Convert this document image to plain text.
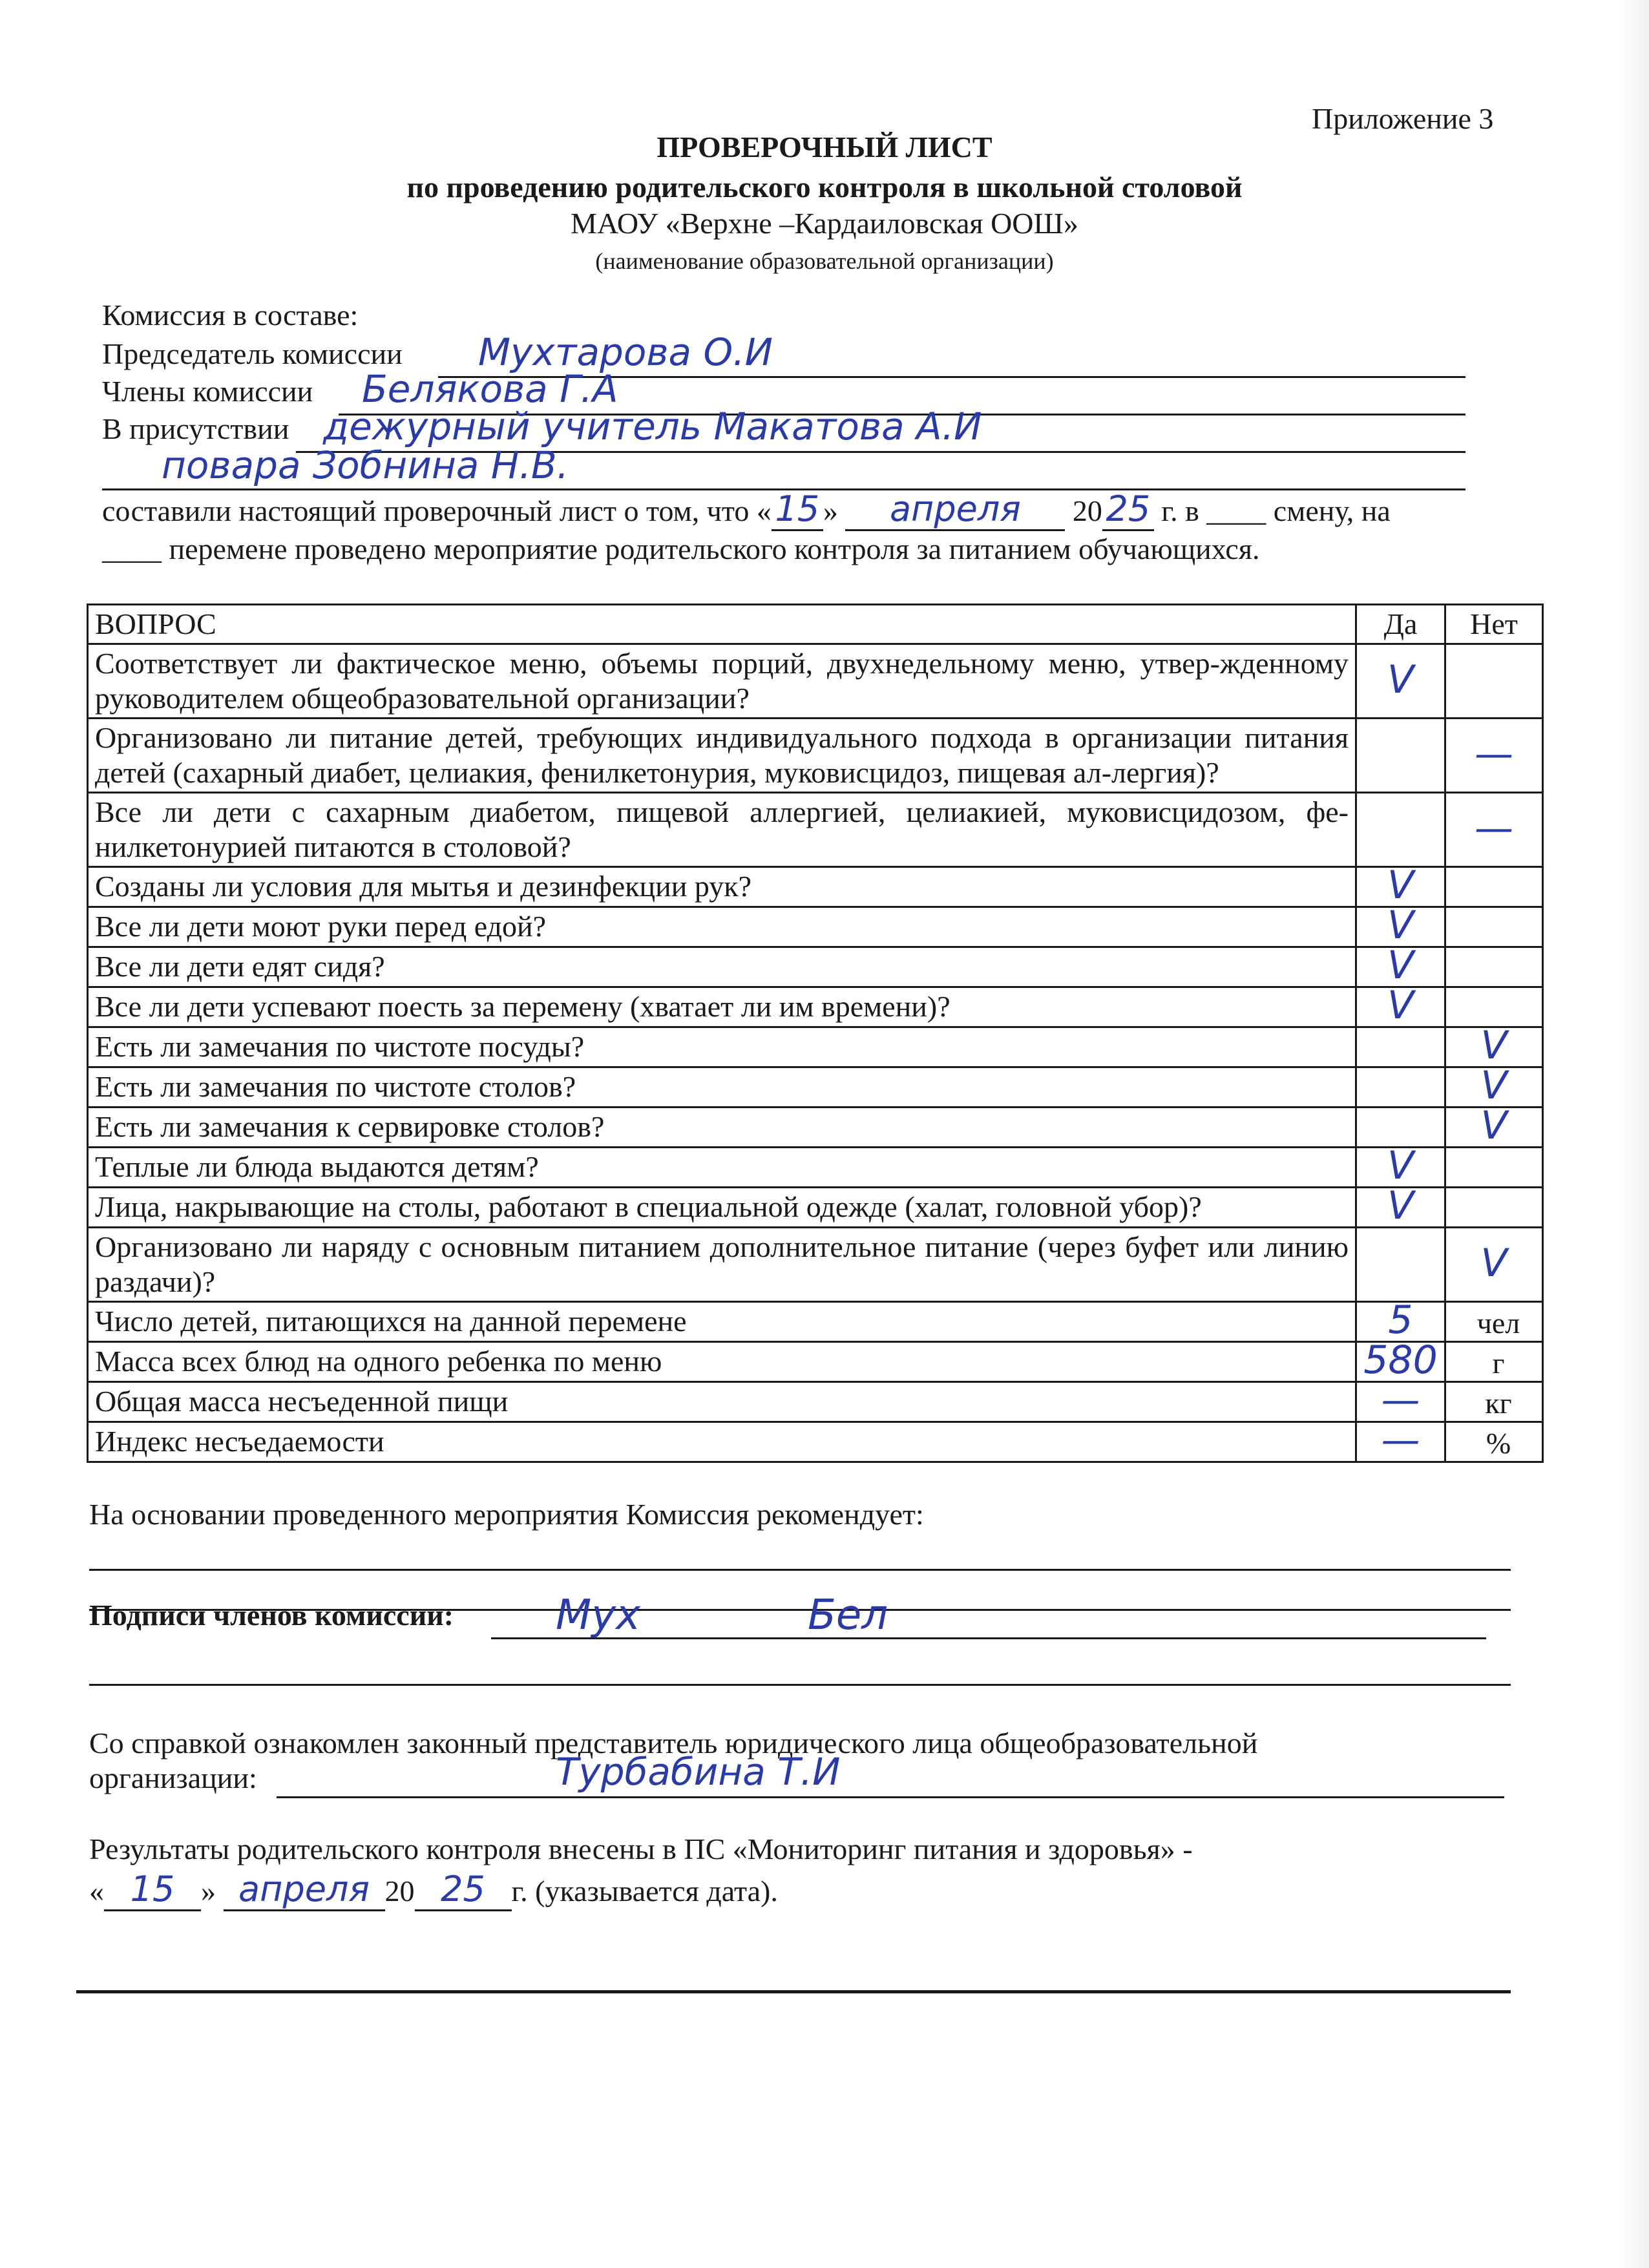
Приложение 3
ПРОВЕРОЧНЫЙ ЛИСТ
по проведению родительского контроля в школьной столовой
МАОУ «Верхне –Кардаиловская ООШ»
(наименование образовательной организации)
Комиссия в составе:
Председатель комиссии Мухтарова О.И
Члены комиссии Белякова Г.А
В присутствии дежурный учитель Макатова А.И
повара Зобнина Н.В.
составили настоящий проверочный лист о том, что « 15 » апреля 20 25 г. в ____ смену, на
____ перемене проведено мероприятие родительского контроля за питанием обучающихся.
ВОПРОС	Да	Нет
Соответствует ли фактическое меню, объемы порций, двухнедельному меню, утвер-жденному руководителем общеобразовательной организации?	V	
Организовано ли питание детей, требующих индивидуального подхода в организации питания детей (сахарный диабет, целиакия, фенилкетонурия, муковисцидоз, пищевая ал-лергия)?		—
Все ли дети с сахарным диабетом, пищевой аллергией, целиакией, муковисцидозом, фе-нилкетонурией питаются в столовой?		—
Созданы ли условия для мытья и дезинфекции рук?	V	
Все ли дети моют руки перед едой?	V	
Все ли дети едят сидя?	V	
Все ли дети успевают поесть за перемену (хватает ли им времени)?	V	
Есть ли замечания по чистоте посуды?		V
Есть ли замечания по чистоте столов?		V
Есть ли замечания к сервировке столов?		V
Теплые ли блюда выдаются детям?	V	
Лица, накрывающие на столы, работают в специальной одежде (халат, головной убор)?	V	
Организовано ли наряду с основным питанием дополнительное питание (через буфет или линию раздачи)?		V
Число детей, питающихся на данной перемене	5	чел
Масса всех блюд на одного ребенка по меню	580	г
Общая масса несъеденной пищи	—	кг
Индекс несъедаемости	—	%
На основании проведенного мероприятия Комиссия рекомендует:
Подписи членов комиссии: Мух	Бел
Со справкой ознакомлен законный представитель юридического лица общеобразовательной
организации:	Турбабина Т.И
Результаты родительского контроля внесены в ПС «Мониторинг питания и здоровья» -
« 15 » апреля 20 25 г. (указывается дата).
